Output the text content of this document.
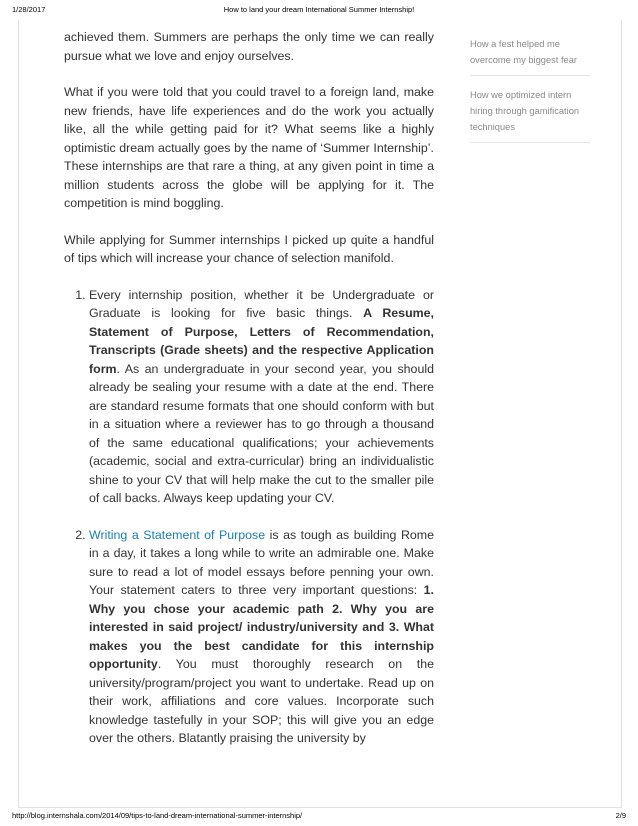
1/28/2017	How to land your dream International Summer Internship!

achieved them. Summers are perhaps the only time we can really pursue what we love and enjoy ourselves.

What if you were told that you could travel to a foreign land, make new friends, have life experiences and do the work you actually like, all the while getting paid for it? What seems like a highly optimistic dream actually goes by the name of ‘Summer Internship’. These internships are that rare a thing, at any given point in time a million students across the globe will be applying for it. The competition is mind boggling.

While applying for Summer internships I picked up quite a handful of tips which will increase your chance of selection manifold.

1. Every internship position, whether it be Undergraduate or Graduate is looking for five basic things. A Resume, Statement of Purpose, Letters of Recommendation, Transcripts (Grade sheets) and the respective Application form. As an undergraduate in your second year, you should already be sealing your resume with a date at the end. There are standard resume formats that one should conform with but in a situation where a reviewer has to go through a thousand of the same educational qualifications; your achievements (academic, social and extra-curricular) bring an individualistic shine to your CV that will help make the cut to the smaller pile of call backs. Always keep updating your CV.
2. Writing a Statement of Purpose is as tough as building Rome in a day, it takes a long while to write an admirable one. Make sure to read a lot of model essays before penning your own. Your statement caters to three very important questions: 1. Why you chose your academic path 2. Why you are interested in said project/ industry/university and 3. What makes you the best candidate for this internship opportunity. You must thoroughly research on the university/program/project you want to undertake. Read up on their work, affiliations and core values. Incorporate such knowledge tastefully in your SOP; this will give you an edge over the others. Blatantly praising the university by
How a fest helped me overcome my biggest fear
How we optimized intern hiring through gamification techniques
http://blog.internshala.com/2014/09/tips-to-land-dream-international-summer-internship/	2/9
